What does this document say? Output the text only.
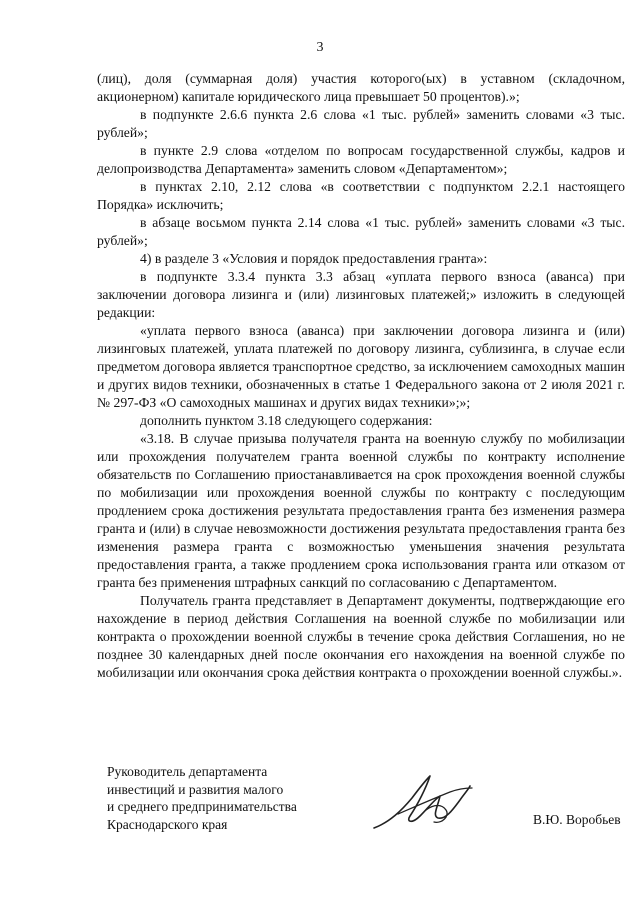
3

(лиц), доля (суммарная доля) участия которого(ых) в уставном (складочном, акционерном) капитале юридического лица превышает 50 процентов).»;

в подпункте 2.6.6 пункта 2.6 слова «1 тыс. рублей» заменить словами «3 тыс. рублей»;

в пункте 2.9 слова «отделом по вопросам государственной службы, кадров и делопроизводства Департамента» заменить словом «Департаментом»;

в пунктах 2.10, 2.12 слова «в соответствии с подпунктом 2.2.1 настоящего Порядка» исключить;

в абзаце восьмом пункта 2.14 слова «1 тыс. рублей» заменить словами «3 тыс. рублей»;

4) в разделе 3 «Условия и порядок предоставления гранта»:

в подпункте 3.3.4 пункта 3.3 абзац «уплата первого взноса (аванса) при заключении договора лизинга и (или) лизинговых платежей;» изложить в следующей редакции:

«уплата первого взноса (аванса) при заключении договора лизинга и (или) лизинговых платежей, уплата платежей по договору лизинга, сублизинга, в случае если предметом договора является транспортное средство, за исключением самоходных машин и других видов техники, обозначенных в статье 1 Федерального закона от 2 июля 2021 г. № 297-ФЗ «О самоходных машинах и других видах техники»;»;

дополнить пунктом 3.18 следующего содержания:

«3.18. В случае призыва получателя гранта на военную службу по мобилизации или прохождения получателем гранта военной службы по контракту исполнение обязательств по Соглашению приостанавливается на срок прохождения военной службы по мобилизации или прохождения военной службы по контракту с последующим продлением срока достижения результата предоставления гранта без изменения размера гранта и (или) в случае невозможности достижения результата предоставления гранта без изменения размера гранта с возможностью уменьшения значения результата предоставления гранта, а также продлением срока использования гранта или отказом от гранта без применения штрафных санкций по согласованию с Департаментом.

Получатель гранта представляет в Департамент документы, подтверждающие его нахождение в период действия Соглашения на военной службе по мобилизации или контракта о прохождении военной службы в течение срока действия Соглашения, но не позднее 30 календарных дней после окончания его нахождения на военной службе по мобилизации или окончания срока действия контракта о прохождении военной службы.».

Руководитель департамента
инвестиций и развития малого
и среднего предпринимательства
Краснодарского края	В.Ю. Воробьев
